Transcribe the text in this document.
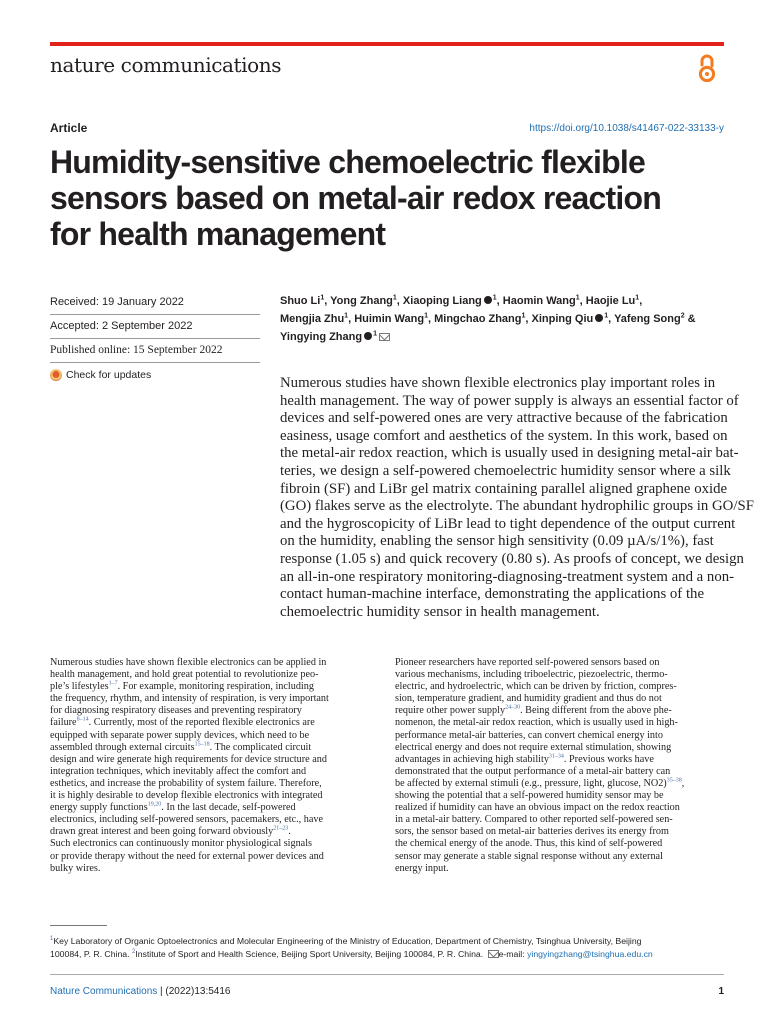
nature communications
Article	https://doi.org/10.1038/s41467-022-33133-y
Humidity-sensitive chemoelectric flexible
sensors based on metal-air redox reaction
for health management
Received: 19 January 2022
Accepted: 2 September 2022
Published online: 15 September 2022
Check for updates
Shuo Li$^1$, Yong Zhang$^1$, Xiaoping Liang $^1$, Haomin Wang$^1$, Haojie Lu$^1$,
Mengjia Zhu$^1$, Huimin Wang$^1$, Mingchao Zhang$^1$, Xinping Qiu $^1$, Yafeng Song$^2$ &
Yingying Zhang $^1$

Numerous studies have shown flexible electronics play important roles in
health management. The way of power supply is always an essential factor of
devices and self-powered ones are very attractive because of the fabrication
easiness, usage comfort and aesthetics of the system. In this work, based on
the metal-air redox reaction, which is usually used in designing metal-air bat-
teries, we design a self-powered chemoelectric humidity sensor where a silk
fibroin (SF) and LiBr gel matrix containing parallel aligned graphene oxide
(GO) flakes serve as the electrolyte. The abundant hydrophilic groups in GO/SF
and the hygroscopicity of LiBr lead to tight dependence of the output current
on the humidity, enabling the sensor high sensitivity (0.09 µA/s/1%), fast
response (1.05 s) and quick recovery (0.80 s). As proofs of concept, we design
an all-in-one respiratory monitoring-diagnosing-treatment system and a non-
contact human-machine interface, demonstrating the applications of the
chemoelectric humidity sensor in health management.

Numerous studies have shown flexible electronics can be applied in
health management, and hold great potential to revolutionize peo-
ple’s lifestyles$^{1-7}$. For example, monitoring respiration, including
the frequency, rhythm, and intensity of respiration, is very important
for diagnosing respiratory diseases and preventing respiratory
failure$^{8-14}$. Currently, most of the reported flexible electronics are
equipped with separate power supply devices, which need to be
assembled through external circuits$^{15-18}$. The complicated circuit
design and wire generate high requirements for device structure and
integration techniques, which inevitably affect the comfort and
esthetics, and increase the probability of system failure. Therefore,
it is highly desirable to develop flexible electronics with integrated
energy supply functions$^{19,20}$. In the last decade, self-powered
electronics, including self-powered sensors, pacemakers, etc., have
drawn great interest and been going forward obviously$^{21-23}$.
Such electronics can continuously monitor physiological signals
or provide therapy without the need for external power devices and
bulky wires.
Pioneer researchers have reported self-powered sensors based on
various mechanisms, including triboelectric, piezoelectric, thermo-
electric, and hydroelectric, which can be driven by friction, compres-
sion, temperature gradient, and humidity gradient and thus do not
require other power supply$^{24-30}$. Being different from the above phe-
nomenon, the metal-air redox reaction, which is usually used in high-
performance metal-air batteries, can convert chemical energy into
electrical energy and does not require external stimulation, showing
advantages in achieving high stability$^{31-34}$. Previous works have
demonstrated that the output performance of a metal-air battery can
be affected by external stimuli (e.g., pressure, light, glucose, NO2)$^{35-38}$,
showing the potential that a self-powered humidity sensor may be
realized if humidity can have an obvious impact on the redox reaction
in a metal-air battery. Compared to other reported self-powered sen-
sors, the sensor based on metal-air batteries derives its energy from
the chemical energy of the anode. Thus, this kind of self-powered
sensor may generate a stable signal response without any external
energy input.
$^1$Key Laboratory of Organic Optoelectronics and Molecular Engineering of the Ministry of Education, Department of Chemistry, Tsinghua University, Beijing
100084, P. R. China. $^2$Institute of Sport and Health Science, Beijing Sport University, Beijing 100084, P. R. China. e-mail: yingyingzhang@tsinghua.edu.cn
Nature Communications | (2022)13:5416	1
